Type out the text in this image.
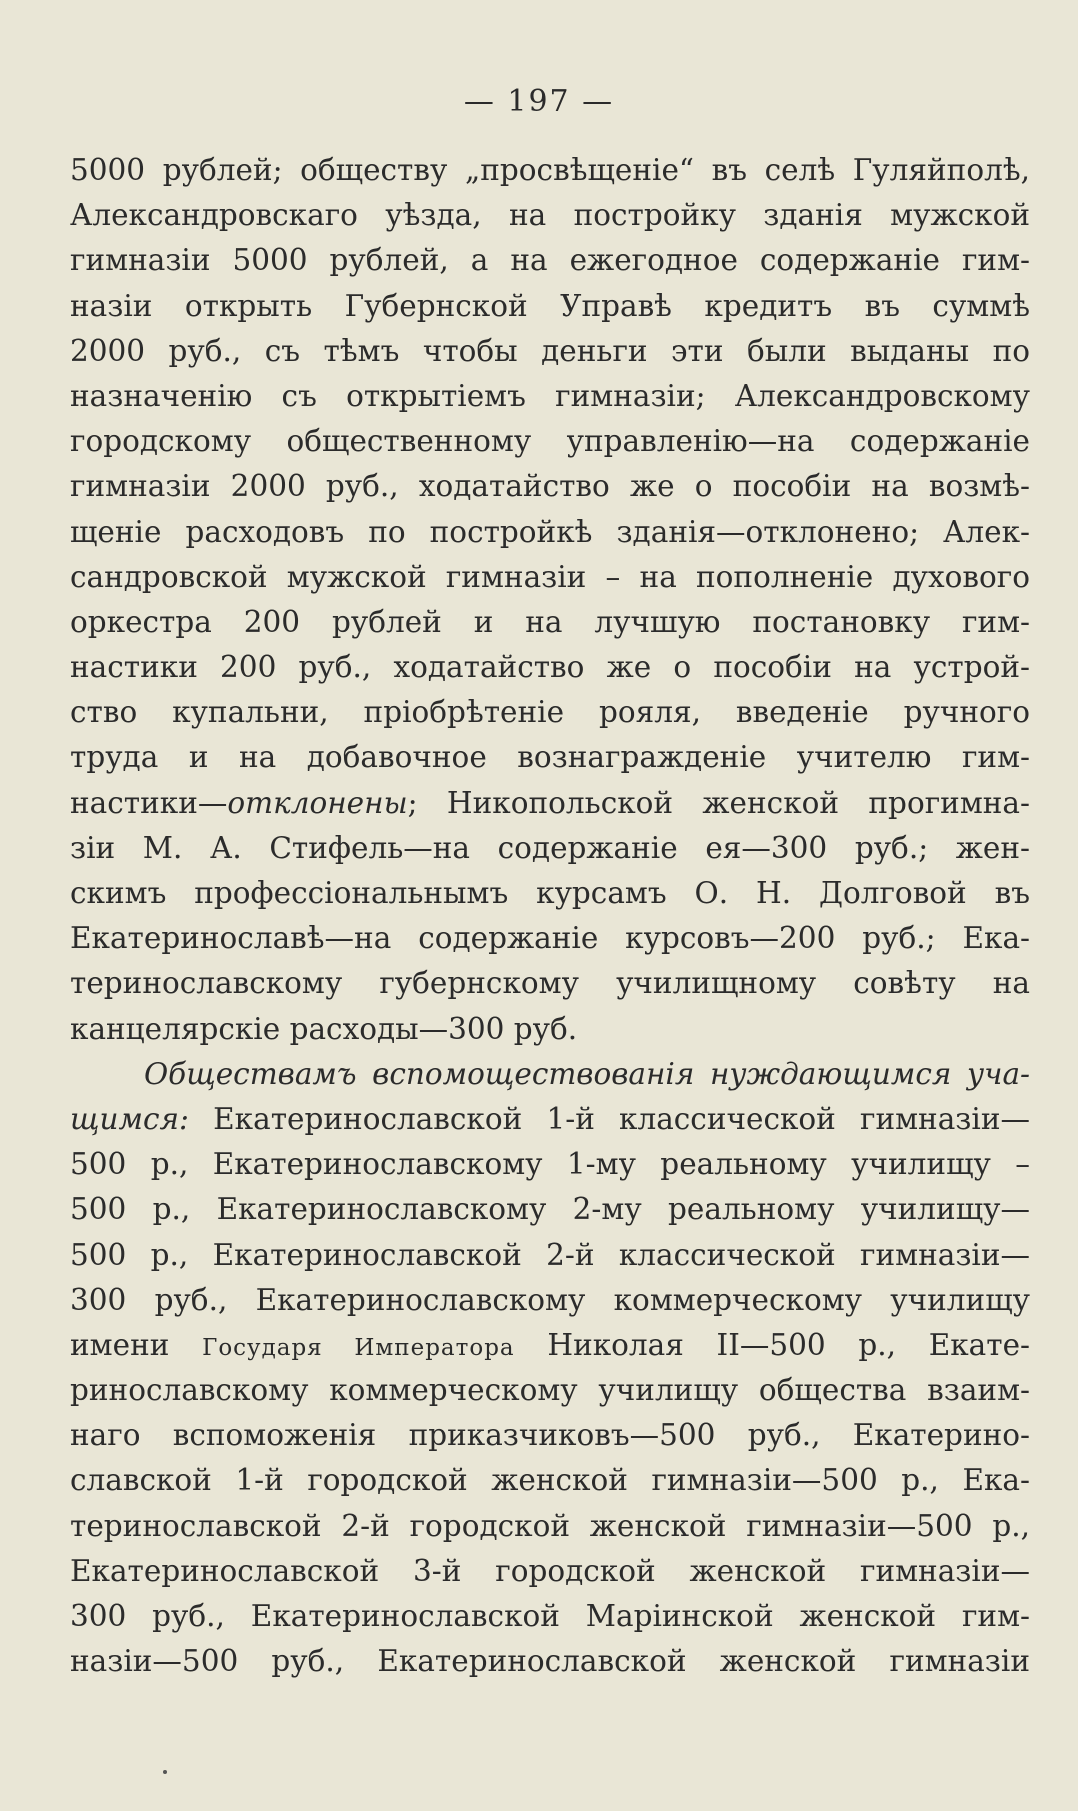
— 197 —
5000 рублей; обществу „просвѣщеніе“ въ селѣ Гуляйполѣ,
Александровскаго уѣзда, на постройку зданія мужской
гимназіи 5000 рублей, а на ежегодное содержаніе гим-
назіи открыть Губернской Управѣ кредитъ въ суммѣ
2000 руб., съ тѣмъ чтобы деньги эти были выданы по
назначенію съ открытіемъ гимназіи; Александровскому
городскому общественному управленію—на содержаніе
гимназіи 2000 руб., ходатайство же о пособіи на возмѣ-
щеніе расходовъ по постройкѣ зданія—отклонено; Алек-
сандровской мужской гимназіи – на пополненіе духового
оркестра 200 рублей и на лучшую постановку гим-
настики 200 руб., ходатайство же о пособіи на устрой-
ство купальни, пріобрѣтеніе рояля, введеніе ручного
труда и на добавочное вознагражденіе учителю гим-
настики—отклонены; Никопольской женской прогимна-
зіи М. А. Стифель—на содержаніе ея—300 руб.; жен-
скимъ профессіональнымъ курсамъ О. Н. Долговой въ
Екатеринославѣ—на содержаніе курсовъ—200 руб.; Ека-
теринославскому губернскому училищному совѣту на
канцелярскіе расходы—300 руб.
Обществамъ вспомоществованія нуждающимся уча-
щимся: Екатеринославской 1-й классической гимназіи—
500 р., Екатеринославскому 1-му реальному училищу –
500 р., Екатеринославскому 2-му реальному училищу—
500 р., Екатеринославской 2-й классической гимназіи—
300 руб., Екатеринославскому коммерческому училищу
имени Государя Императора Николая II—500 р., Екате-
ринославскому коммерческому училищу общества взаим-
наго вспоможенія приказчиковъ—500 руб., Екатерино-
славской 1-й городской женской гимназіи—500 р., Ека-
теринославской 2-й городской женской гимназіи—500 р.,
Екатеринославской 3-й городской женской гимназіи—
300 руб., Екатеринославской Маріинской женской гим-
назіи—500 руб., Екатеринославской женской гимназіи
